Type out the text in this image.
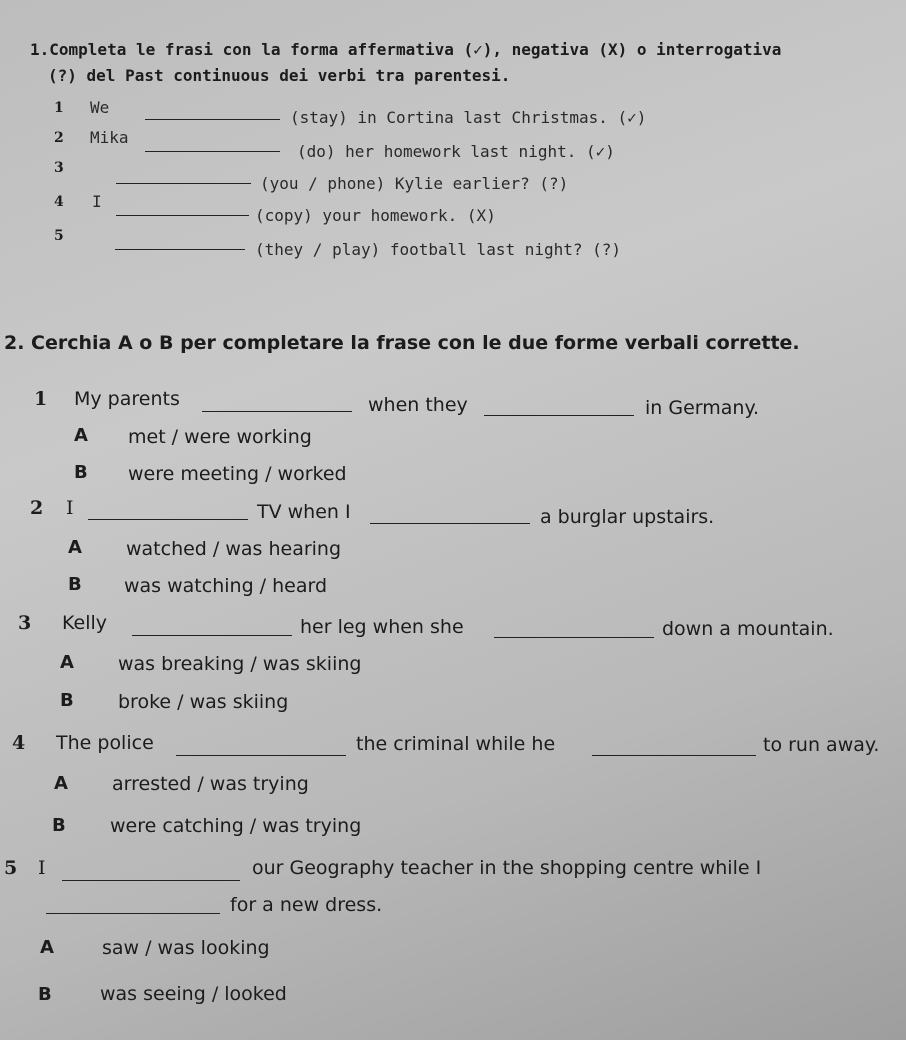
1.Completa le frasi con la forma affermativa (✓), negativa (X) o interrogativa
(?) del Past continuous dei verbi tra parentesi.
1 We
(stay) in Cortina last Christmas. (✓)
2 Mika
(do) her homework last night. (✓)
3
(you / phone) Kylie earlier? (?)
4 I
(copy) your homework. (X)
5
(they / play) football last night? (?)
2. Cerchia A o B per completare la frase con le due forme verbali corrette.
1 My parents	when they	in Germany.
A met / were working
B were meeting / worked
2 I	TV when I	a burglar upstairs.
A watched / was hearing
B was watching / heard
3 Kelly	her leg when she	down a mountain.
A was breaking / was skiing
B broke / was skiing
4 The police	the criminal while he	to run away.
A arrested / was trying
B were catching / was trying
5 I	our Geography teacher in the shopping centre while I
for a new dress.
A	saw / was looking
B	was seeing / looked
